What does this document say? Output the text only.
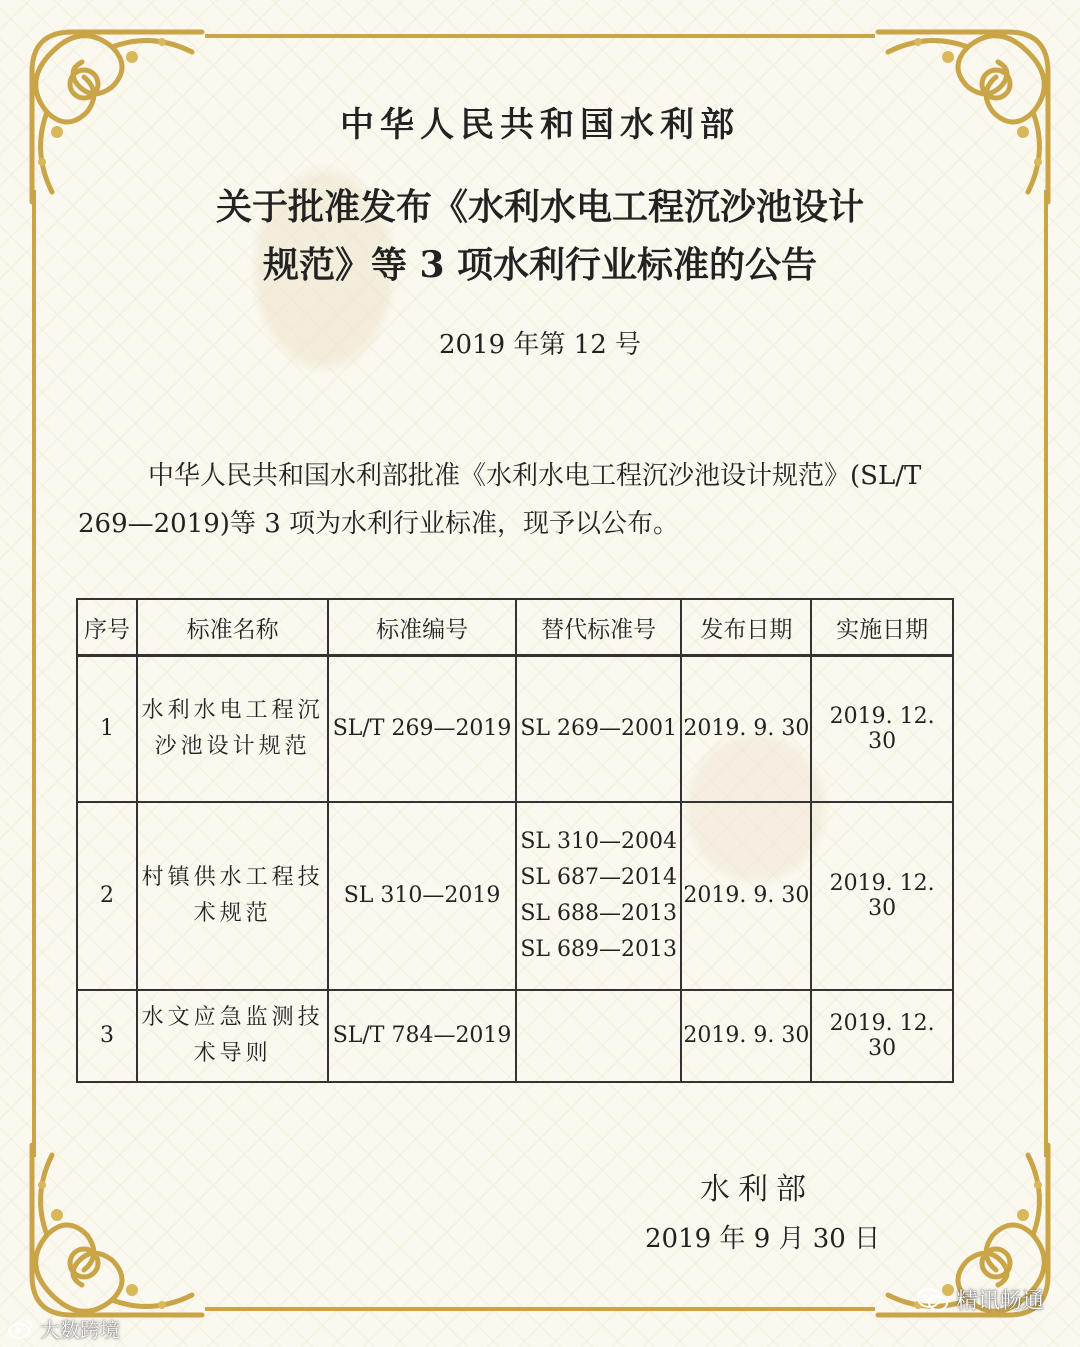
中华人民共和国水利部
关于批准发布《水利水电工程沉沙池设计
规范》等 3 项水利行业标准的公告
2019 年第 12 号
中华人民共和国水利部批准《水利水电工程沉沙池设计规范》(SL/T 269—2019)等 3 项为水利行业标准，现予以公布。
序号	标准名称	标准编号	替代标准号	发布日期	实施日期
1	水利水电工程沉沙池设计规范	SL/T 269—2019	SL 269—2001	2019. 9. 30	2019. 12. 30
2	村镇供水工程技术规范	SL 310—2019	SL 310—2004
SL 687—2014
SL 688—2013
SL 689—2013	2019. 9. 30	2019. 12. 30
3	水文应急监测技术导则	SL/T 784—2019		2019. 9. 30	2019. 12. 30
水利部
2019 年 9 月 30 日
大数跨境
精讯畅通
